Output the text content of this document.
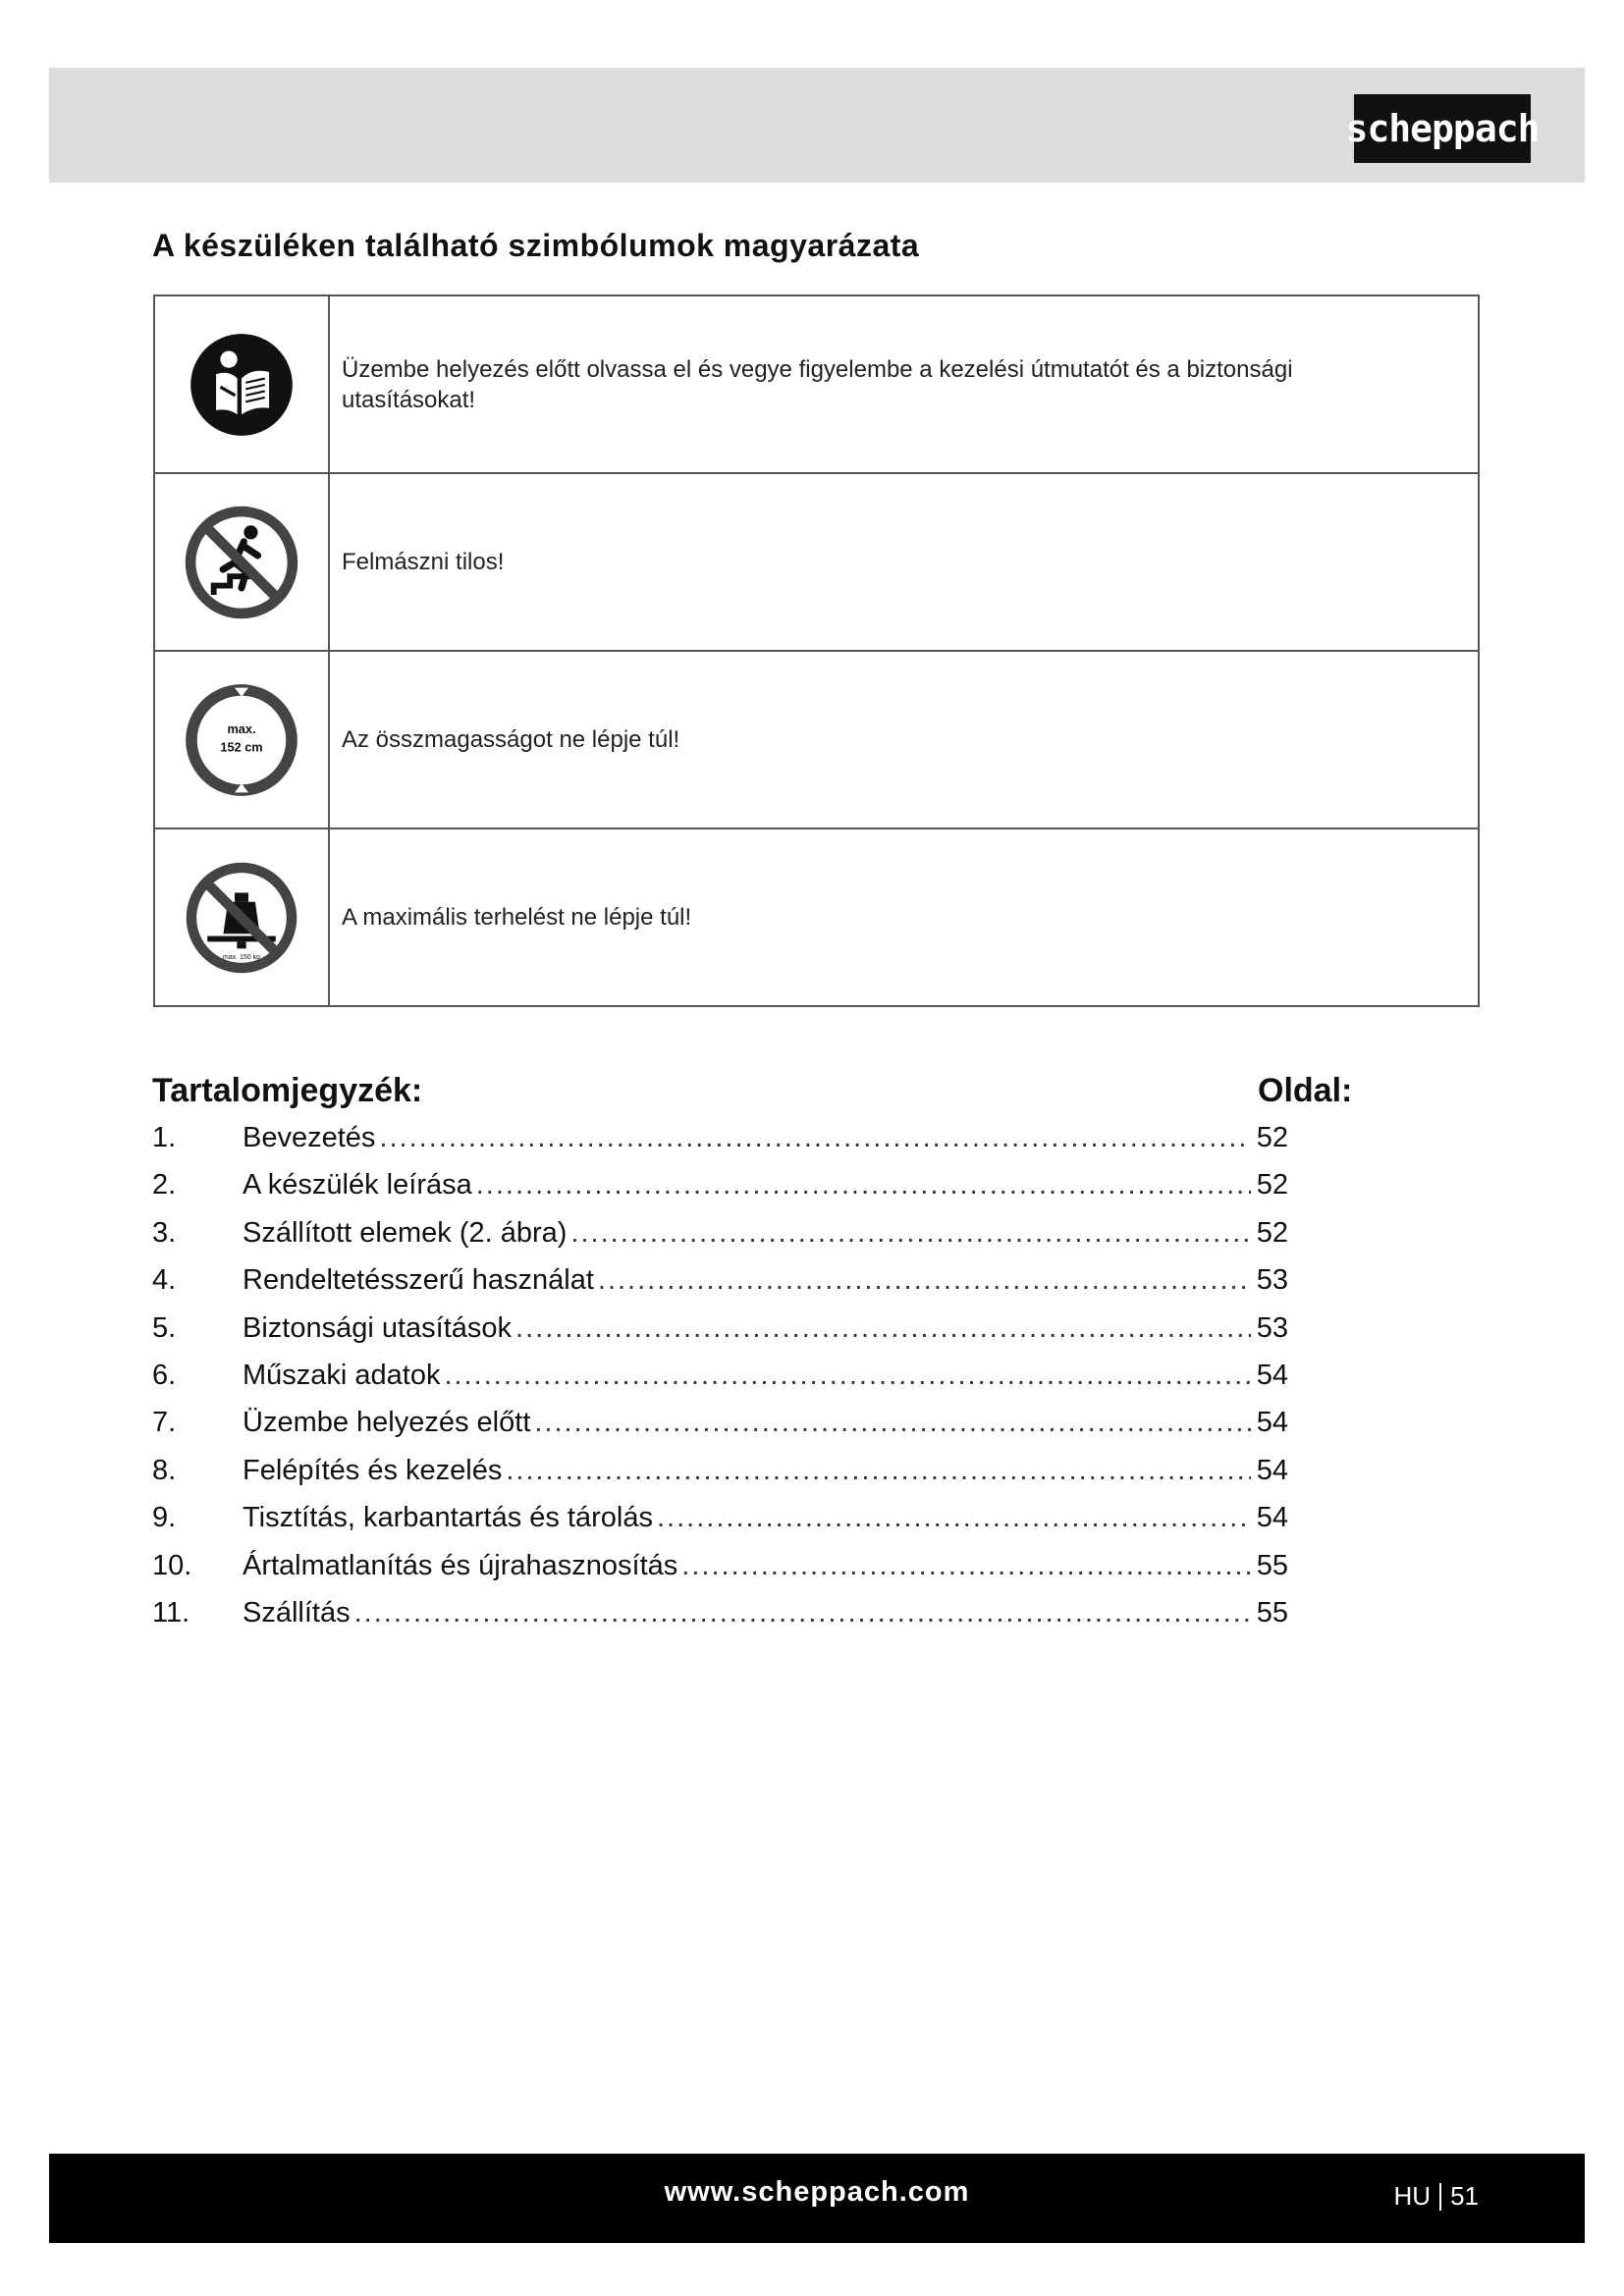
scheppach
A készüléken található szimbólumok magyarázata
	Üzembe helyezés előtt olvassa el és vegye figyelembe a kezelési útmutatót és a biztonsági utasításokat!

	Felmászni tilos!

max.
152 cm	Az összmagasságot ne lépje túl!

max. 150 kg	A maximális terhelést ne lépje túl!
Tartalomjegyzék:	Oldal:
1.	Bevezetés .....	52
2.	A készülék leírása .....	52
3.	Szállított elemek (2. ábra) .....	52
4.	Rendeltetésszerű használat .....	53
5.	Biztonsági utasítások .....	53
6.	Műszaki adatok .....	54
7.	Üzembe helyezés előtt .....	54
8.	Felépítés és kezelés .....	54
9.	Tisztítás, karbantartás és tárolás .....	54
10.	Ártalmatlanítás és újrahasznosítás .....	55
11.	Szállítás .....	55
www.scheppach.com	HU 51
